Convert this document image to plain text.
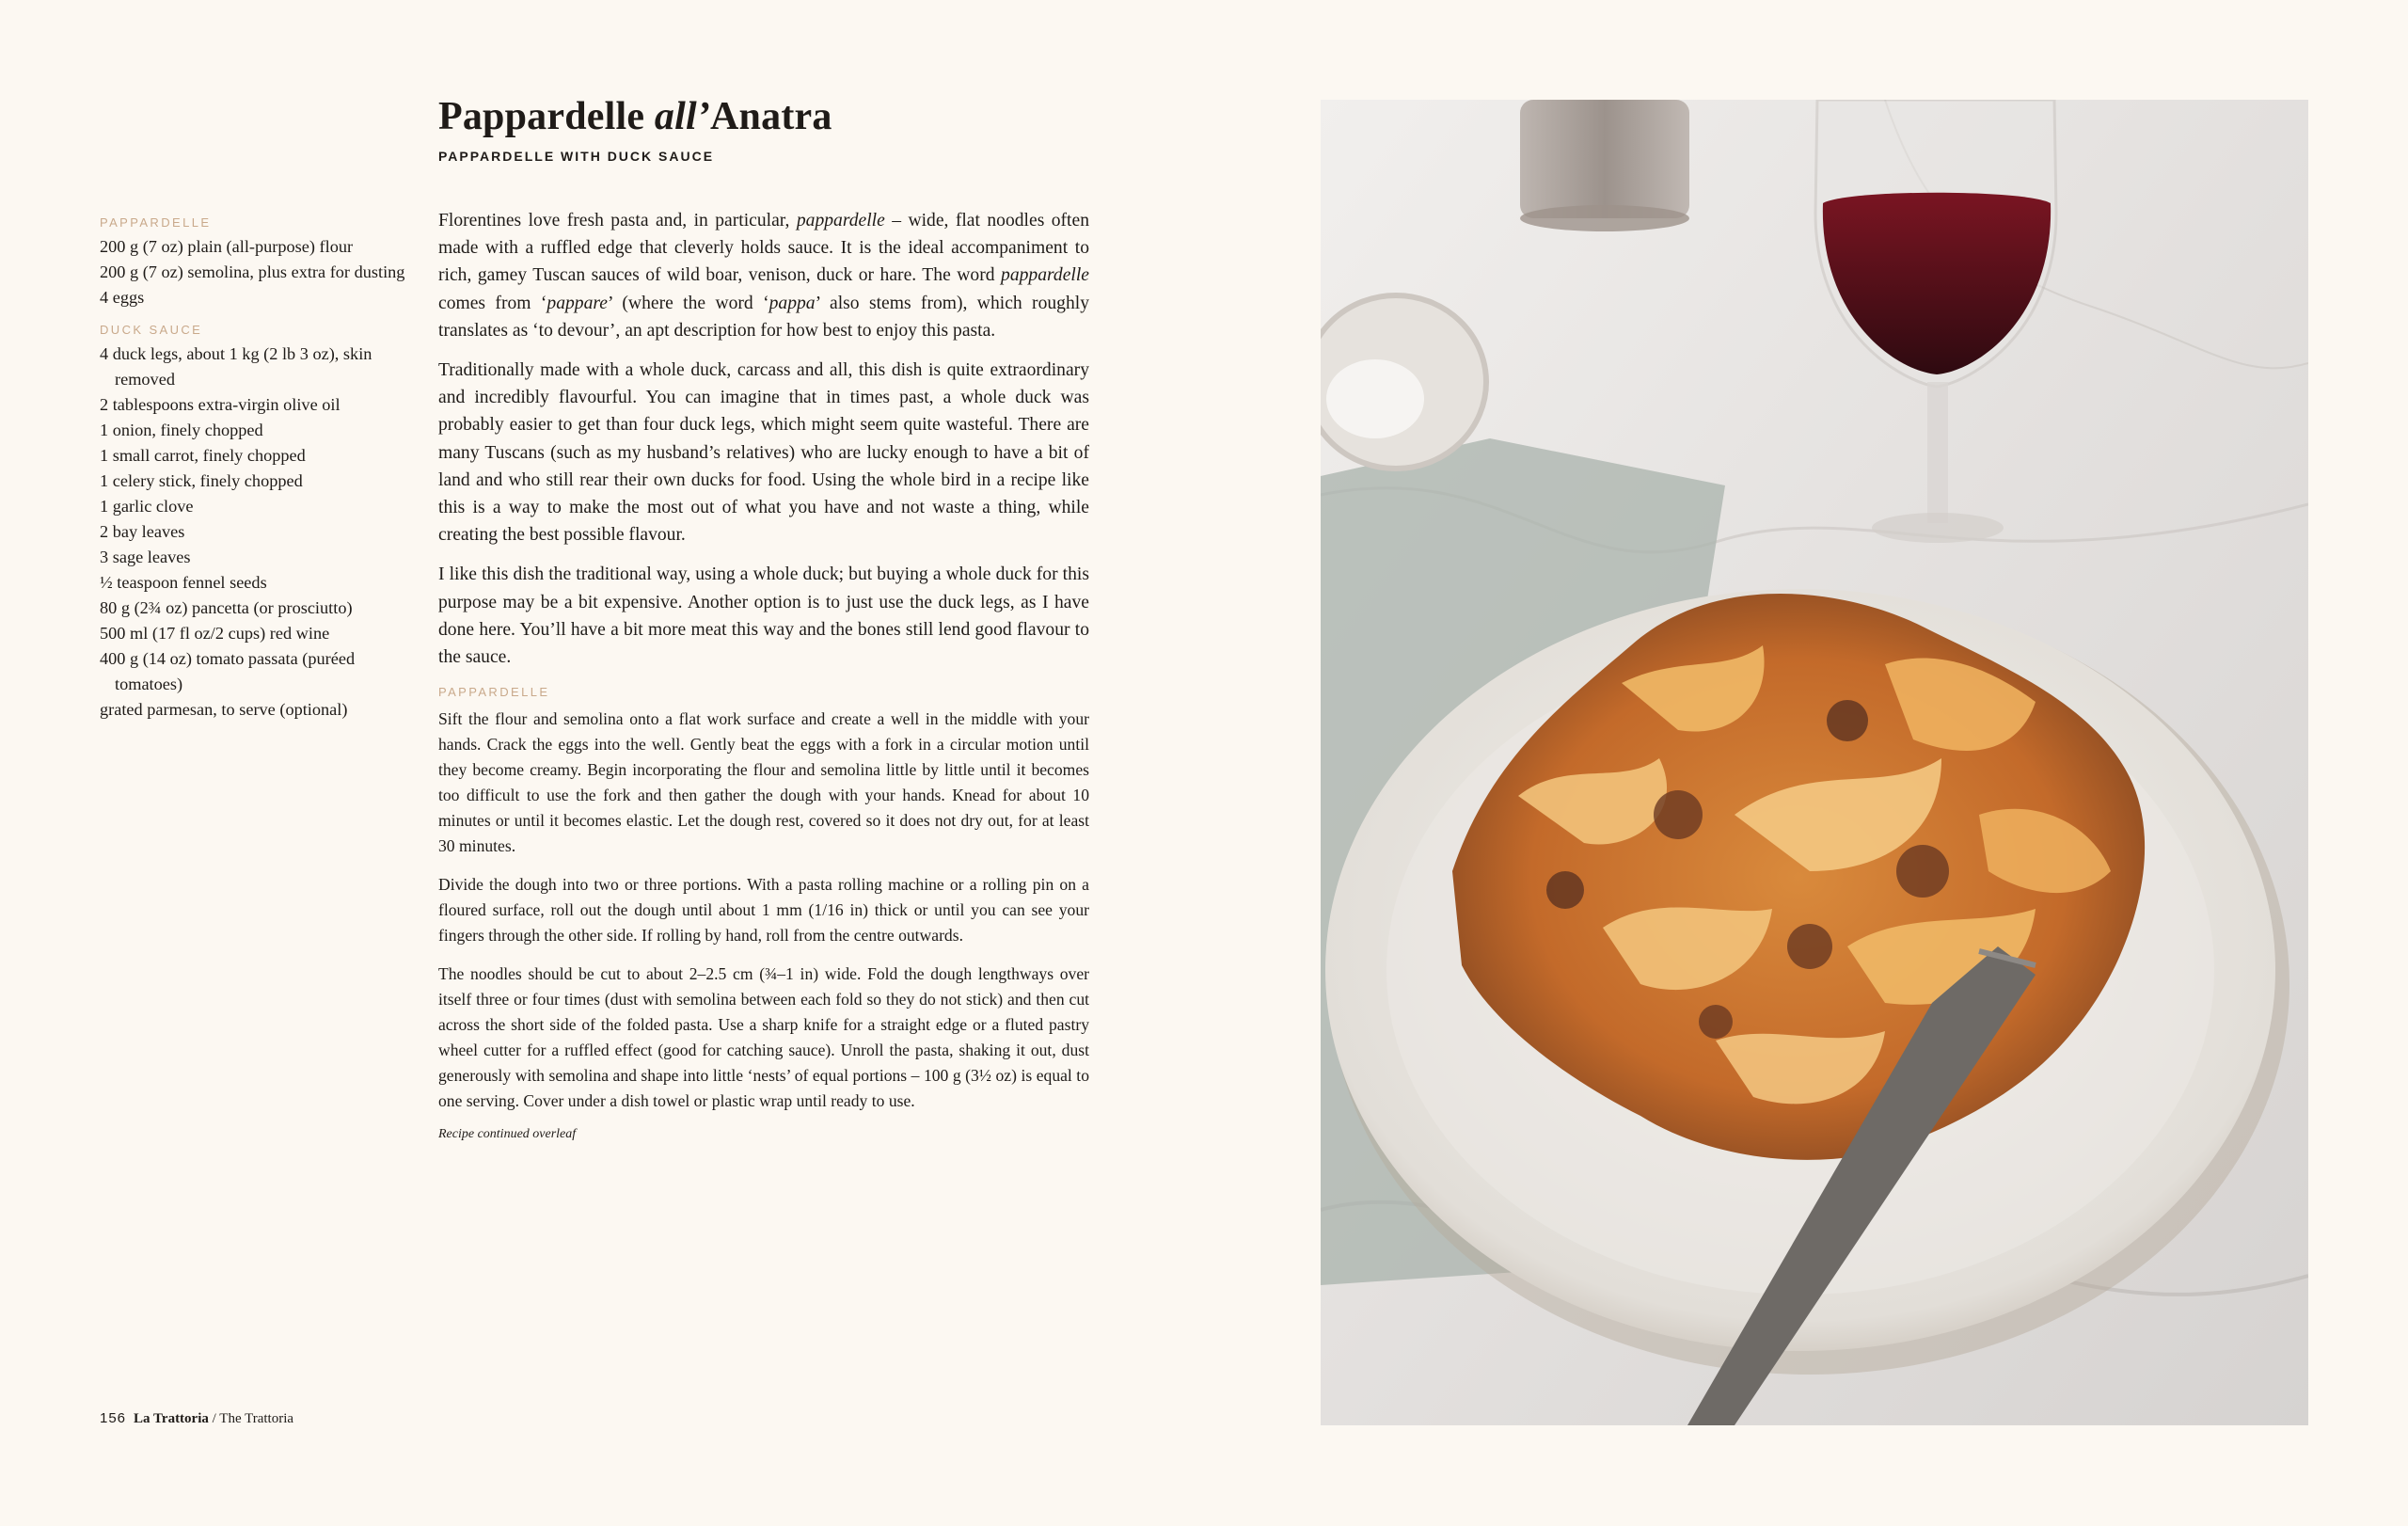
Pappardelle all’Anatra
PAPPARDELLE WITH DUCK SAUCE
PAPPARDELLE
200 g (7 oz) plain (all-purpose) flour
200 g (7 oz) semolina, plus extra for dusting
4 eggs
DUCK SAUCE
4 duck legs, about 1 kg (2 lb 3 oz), skin removed
2 tablespoons extra-virgin olive oil
1 onion, finely chopped
1 small carrot, finely chopped
1 celery stick, finely chopped
1 garlic clove
2 bay leaves
3 sage leaves
½ teaspoon fennel seeds
80 g (2¾ oz) pancetta (or prosciutto)
500 ml (17 fl oz/2 cups) red wine
400 g (14 oz) tomato passata (puréed tomatoes)
grated parmesan, to serve (optional)

Florentines love fresh pasta and, in particular, pappardelle – wide, flat noodles often made with a ruffled edge that cleverly holds sauce. It is the ideal accompaniment to rich, gamey Tuscan sauces of wild boar, venison, duck or hare. The word pappardelle comes from ‘pappare’ (where the word ‘pappa’ also stems from), which roughly translates as ‘to devour’, an apt description for how best to enjoy this pasta.

Traditionally made with a whole duck, carcass and all, this dish is quite extraordinary and incredibly flavourful. You can imagine that in times past, a whole duck was probably easier to get than four duck legs, which might seem quite wasteful. There are many Tuscans (such as my husband’s relatives) who are lucky enough to have a bit of land and who still rear their own ducks for food. Using the whole bird in a recipe like this is a way to make the most out of what you have and not waste a thing, while creating the best possible flavour.

I like this dish the traditional way, using a whole duck; but buying a whole duck for this purpose may be a bit expensive. Another option is to just use the duck legs, as I have done here. You’ll have a bit more meat this way and the bones still lend good flavour to the sauce.

PAPPARDELLE

Sift the flour and semolina onto a flat work surface and create a well in the middle with your hands. Crack the eggs into the well. Gently beat the eggs with a fork in a circular motion until they become creamy. Begin incorporating the flour and semolina little by little until it becomes too difficult to use the fork and then gather the dough with your hands. Knead for about 10 minutes or until it becomes elastic. Let the dough rest, covered so it does not dry out, for at least 30 minutes.

Divide the dough into two or three portions. With a pasta rolling machine or a rolling pin on a floured surface, roll out the dough until about 1 mm (1/16 in) thick or until you can see your fingers through the other side. If rolling by hand, roll from the centre outwards.

The noodles should be cut to about 2–2.5 cm (¾–1 in) wide. Fold the dough lengthways over itself three or four times (dust with semolina between each fold so they do not stick) and then cut across the short side of the folded pasta. Use a sharp knife for a straight edge or a fluted pastry wheel cutter for a ruffled effect (good for catching sauce). Unroll the pasta, shaking it out, dust generously with semolina and shape into little ‘nests’ of equal portions – 100 g (3½ oz) is equal to one serving. Cover under a dish towel or plastic wrap until ready to use.

Recipe continued overleaf
156 La Trattoria / The Trattoria
